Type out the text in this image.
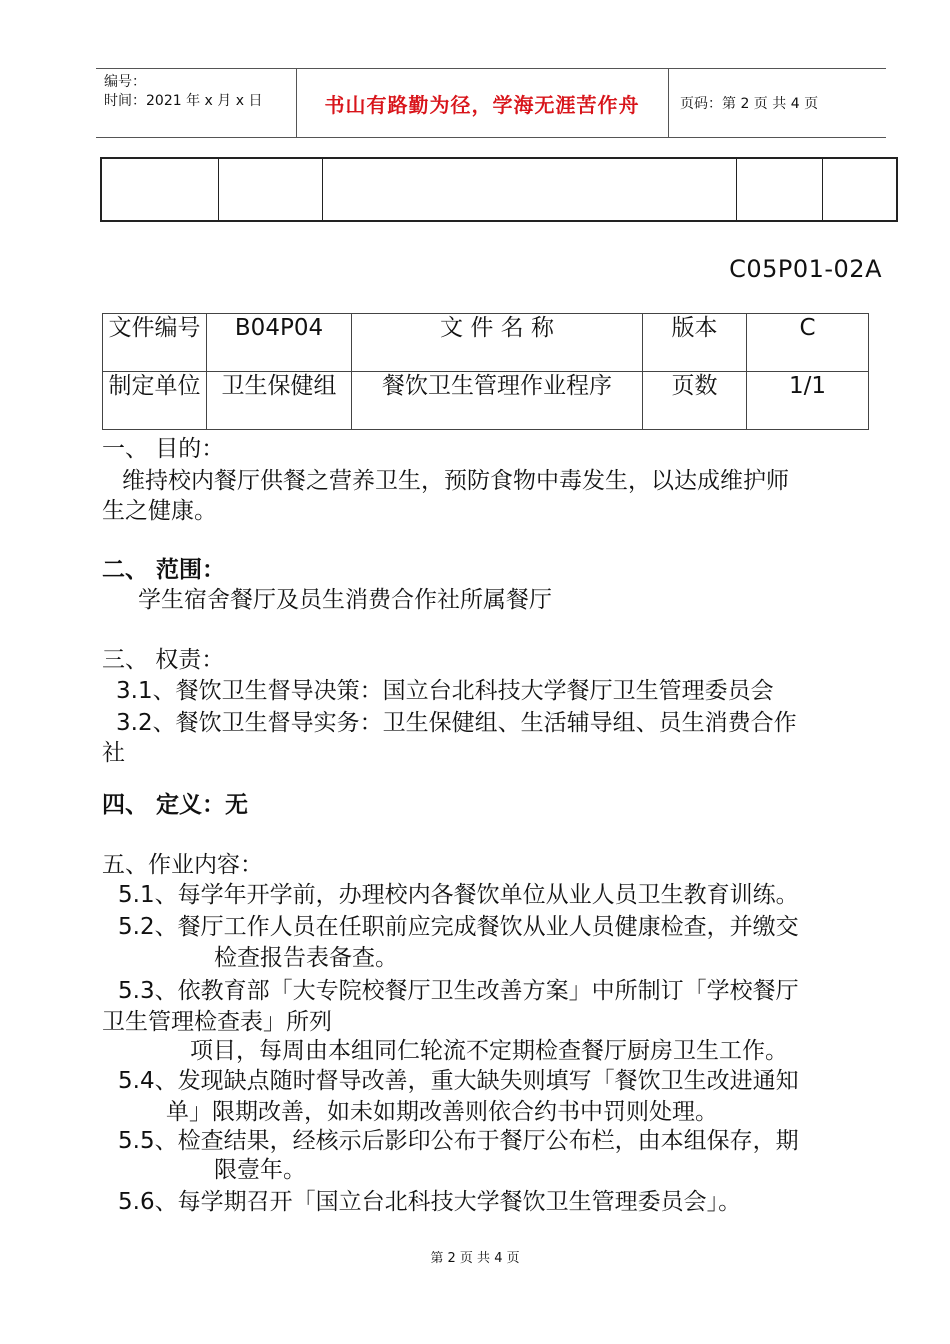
编号：
时间：2021 年 x 月 x 日	书山有路勤为径，学海无涯苦作舟	页码：第 2 页 共 4 页
C05P01-02A
文件编号	B04P04	文 件 名 称	版本	C
制定单位	卫生保健组	餐饮卫生管理作业程序	页数	1/1
一、 目的：
维持校内餐厅供餐之营养卫生，预防食物中毒发生，以达成维护师
生之健康。
二、 范围：
学生宿舍餐厅及员生消费合作社所属餐厅
三、 权责：
3.1、餐饮卫生督导决策：国立台北科技大学餐厅卫生管理委员会
3.2、餐饮卫生督导实务：卫生保健组、生活辅导组、员生消费合作
社
四、 定义：无
五、作业内容：
5.1、每学年开学前，办理校内各餐饮单位从业人员卫生教育训练。
5.2、餐厅工作人员在任职前应完成餐饮从业人员健康检查，并缴交
检查报告表备查。
5.3、依教育部「大专院校餐厅卫生改善方案」中所制订「学校餐厅
卫生管理检查表」所列
项目，每周由本组同仁轮流不定期检查餐厅厨房卫生工作。
5.4、发现缺点随时督导改善，重大缺失则填写「餐饮卫生改进通知
单」限期改善，如未如期改善则依合约书中罚则处理。
5.5、检查结果，经核示后影印公布于餐厅公布栏，由本组保存，期
限壹年。
5.6、每学期召开「国立台北科技大学餐饮卫生管理委员会」。
第 2 页 共 4 页
